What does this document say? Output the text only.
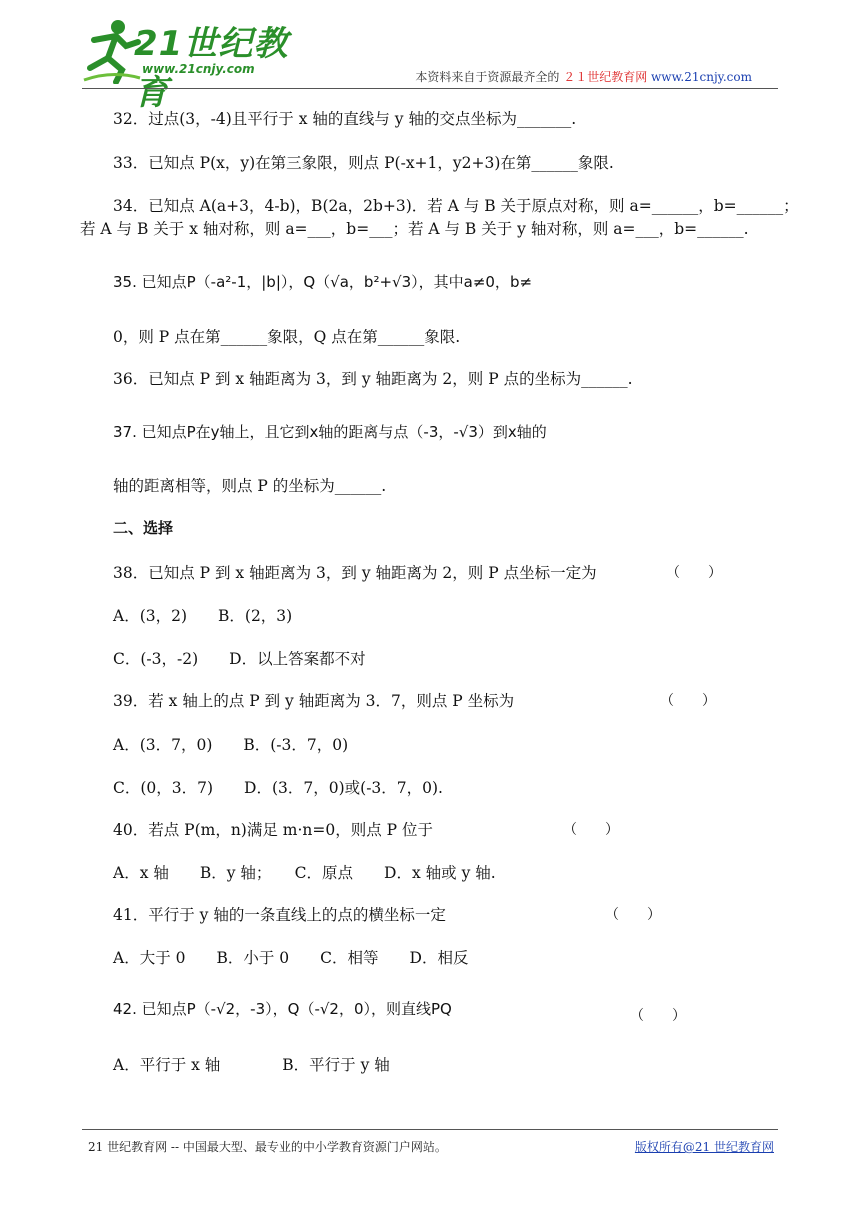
21世纪教育
www.21cnjy.com
本资料来自于资源最齐全的 ２１世纪教育网 www.21cnjy.com
32．过点(3，-4)且平行于 x 轴的直线与 y 轴的交点坐标为_______.
33．已知点 P(x，y)在第三象限，则点 P(-x+1，y2+3)在第______象限.
34．已知点 A(a+3，4-b)，B(2a，2b+3)．若 A 与 B 关于原点对称，则 a=______，b=______；
若 A 与 B 关于 x 轴对称，则 a=___，b=___；若 A 与 B 关于 y 轴对称，则 a=___，b=______.
35. 已知点P（-a²-1，|b|），Q（√a，b²+√3），其中a≠0，b≠
0，则 P 点在第______象限，Q 点在第______象限.
36．已知点 P 到 x 轴距离为 3，到 y 轴距离为 2，则 P 点的坐标为______.
37. 已知点P在y轴上，且它到x轴的距离与点（-3，-√3）到x轴的
轴的距离相等，则点 P 的坐标为______.
二、选择
38．已知点 P 到 x 轴距离为 3，到 y 轴距离为 2，则 P 点坐标一定为	（　　）
A．(3，2)　　B．(2，3)
C．(-3，-2)　　D．以上答案都不对
39．若 x 轴上的点 P 到 y 轴距离为 3．7，则点 P 坐标为	（　　）
A．(3．7，0)　　B．(-3．7，0)
C．(0，3．7)　　D．(3．7，0)或(-3．7，0).
40．若点 P(m，n)满足 m·n=0，则点 P 位于	（　　）
A．x 轴　　B．y 轴；　　C．原点　　D．x 轴或 y 轴.
41．平行于 y 轴的一条直线上的点的横坐标一定	（　　）
A．大于 0　　B．小于 0　　C．相等　　D．相反
42. 已知点P（-√2，-3），Q（-√2，0），则直线PQ	（　　）
A．平行于 x 轴　　　　B．平行于 y 轴
21 世纪教育网 -- 中国最大型、最专业的中小学教育资源门户网站。	版权所有@21 世纪教育网
